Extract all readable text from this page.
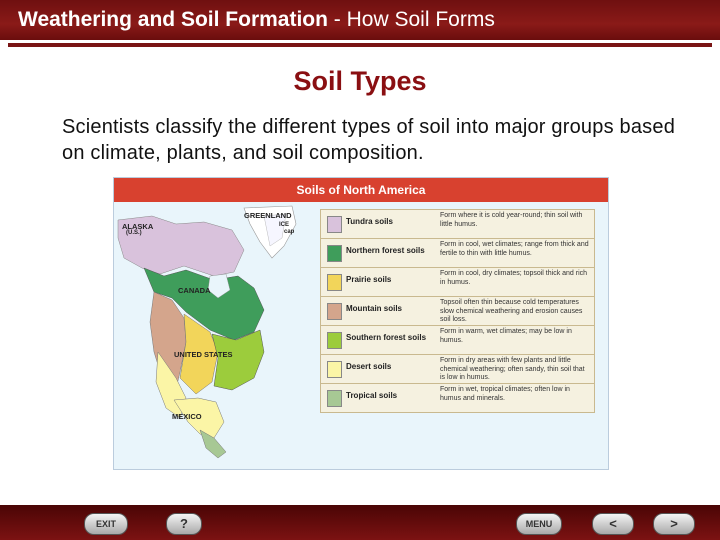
Weathering and Soil Formation - How Soil Forms
Soil Types
Scientists classify the different types of soil into major groups based on climate, plants, and soil composition.
Soils of North America
ALASKA
(U.S.)
GREENLAND
ICE
cap
CANADA
UNITED STATES
MEXICO
Tundra soils
Form where it is cold year-round; thin soil with little humus.
Northern forest soils
Form in cool, wet climates; range from thick and fertile to thin with little humus.
Prairie soils
Form in cool, dry climates; topsoil thick and rich in humus.
Mountain soils
Topsoil often thin because cold temperatures slow chemical weathering and erosion causes soil loss.
Southern forest soils
Form in warm, wet climates; may be low in humus.
Desert soils
Form in dry areas with few plants and little chemical weathering; often sandy, thin soil that is low in humus.
Tropical soils
Form in wet, tropical climates; often low in humus and minerals.
EXIT	?	MENU	<	>
